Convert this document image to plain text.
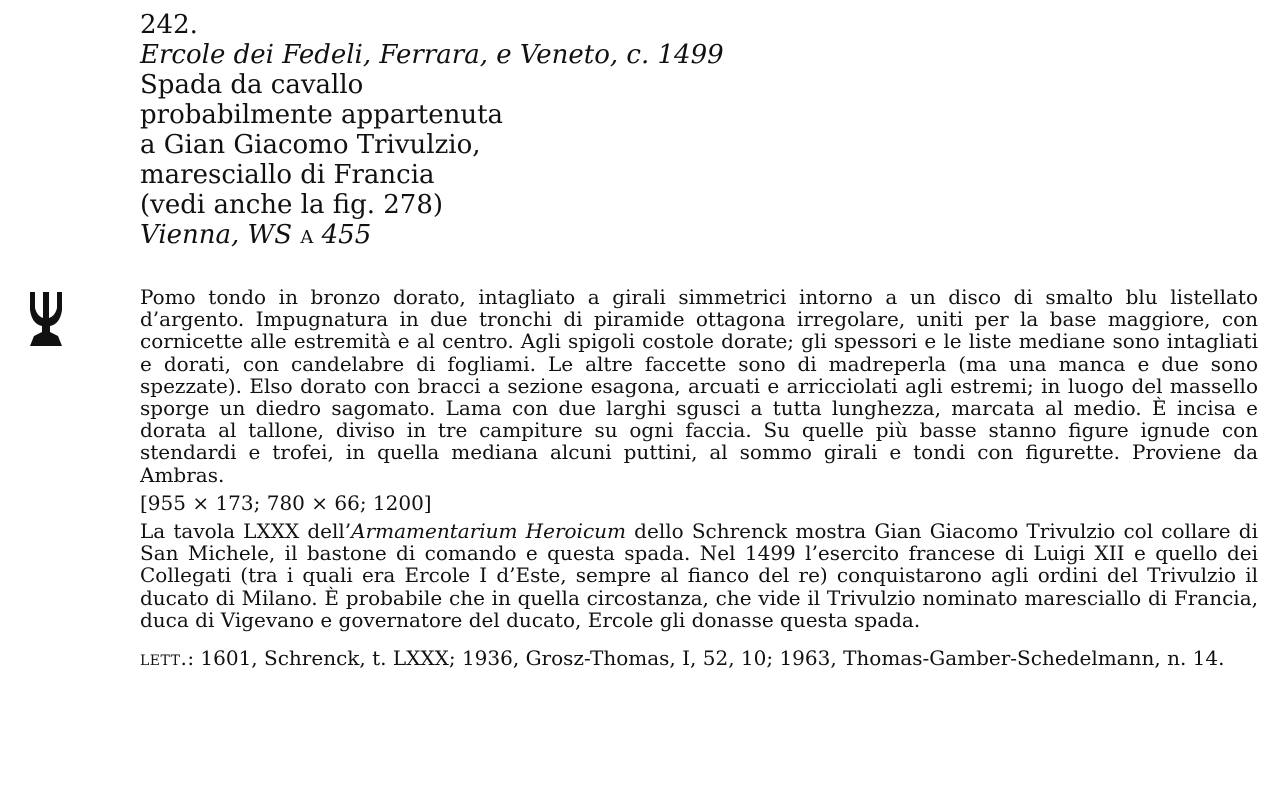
242.
Ercole dei Fedeli, Ferrara, e Veneto, c. 1499
Spada da cavallo
probabilmente appartenuta
a Gian Giacomo Trivulzio,
maresciallo di Francia
(vedi anche la fig. 278)
Vienna, WS a 455

Pomo tondo in bronzo dorato, intagliato a girali simmetrici intorno a un disco di smalto blu listellato d’argento. Impugnatura in due tronchi di piramide ottagona irregolare, uniti per la base maggiore, con cornicette alle estremità e al centro. Agli spigoli costole dorate; gli spessori e le liste mediane sono intagliati e dorati, con candelabre di fogliami. Le altre faccette sono di madreperla (ma una manca e due sono spezzate). Elso dorato con bracci a sezione esagona, arcuati e arricciolati agli estremi; in luogo del massello sporge un diedro sagomato. Lama con due larghi sgusci a tutta lunghezza, marcata al medio. È incisa e dorata al tallone, diviso in tre campiture su ogni faccia. Su quelle più basse stanno figure ignude con stendardi e trofei, in quella mediana alcuni puttini, al sommo girali e tondi con figurette. Proviene da Ambras.

[955 × 173; 780 × 66; 1200]

La tavola LXXX dell’Armamentarium Heroicum dello Schrenck mostra Gian Giacomo Trivulzio col collare di San Michele, il bastone di comando e questa spada. Nel 1499 l’esercito francese di Luigi XII e quello dei Collegati (tra i quali era Ercole I d’Este, sempre al fianco del re) conquistarono agli ordini del Trivulzio il ducato di Milano. È probabile che in quella circostanza, che vide il Trivulzio nominato maresciallo di Francia, duca di Vigevano e governatore del ducato, Ercole gli donasse questa spada.

lett.: 1601, Schrenck, t. LXXX; 1936, Grosz-Thomas, I, 52, 10; 1963, Thomas-Gamber-Schedelmann, n. 14.
